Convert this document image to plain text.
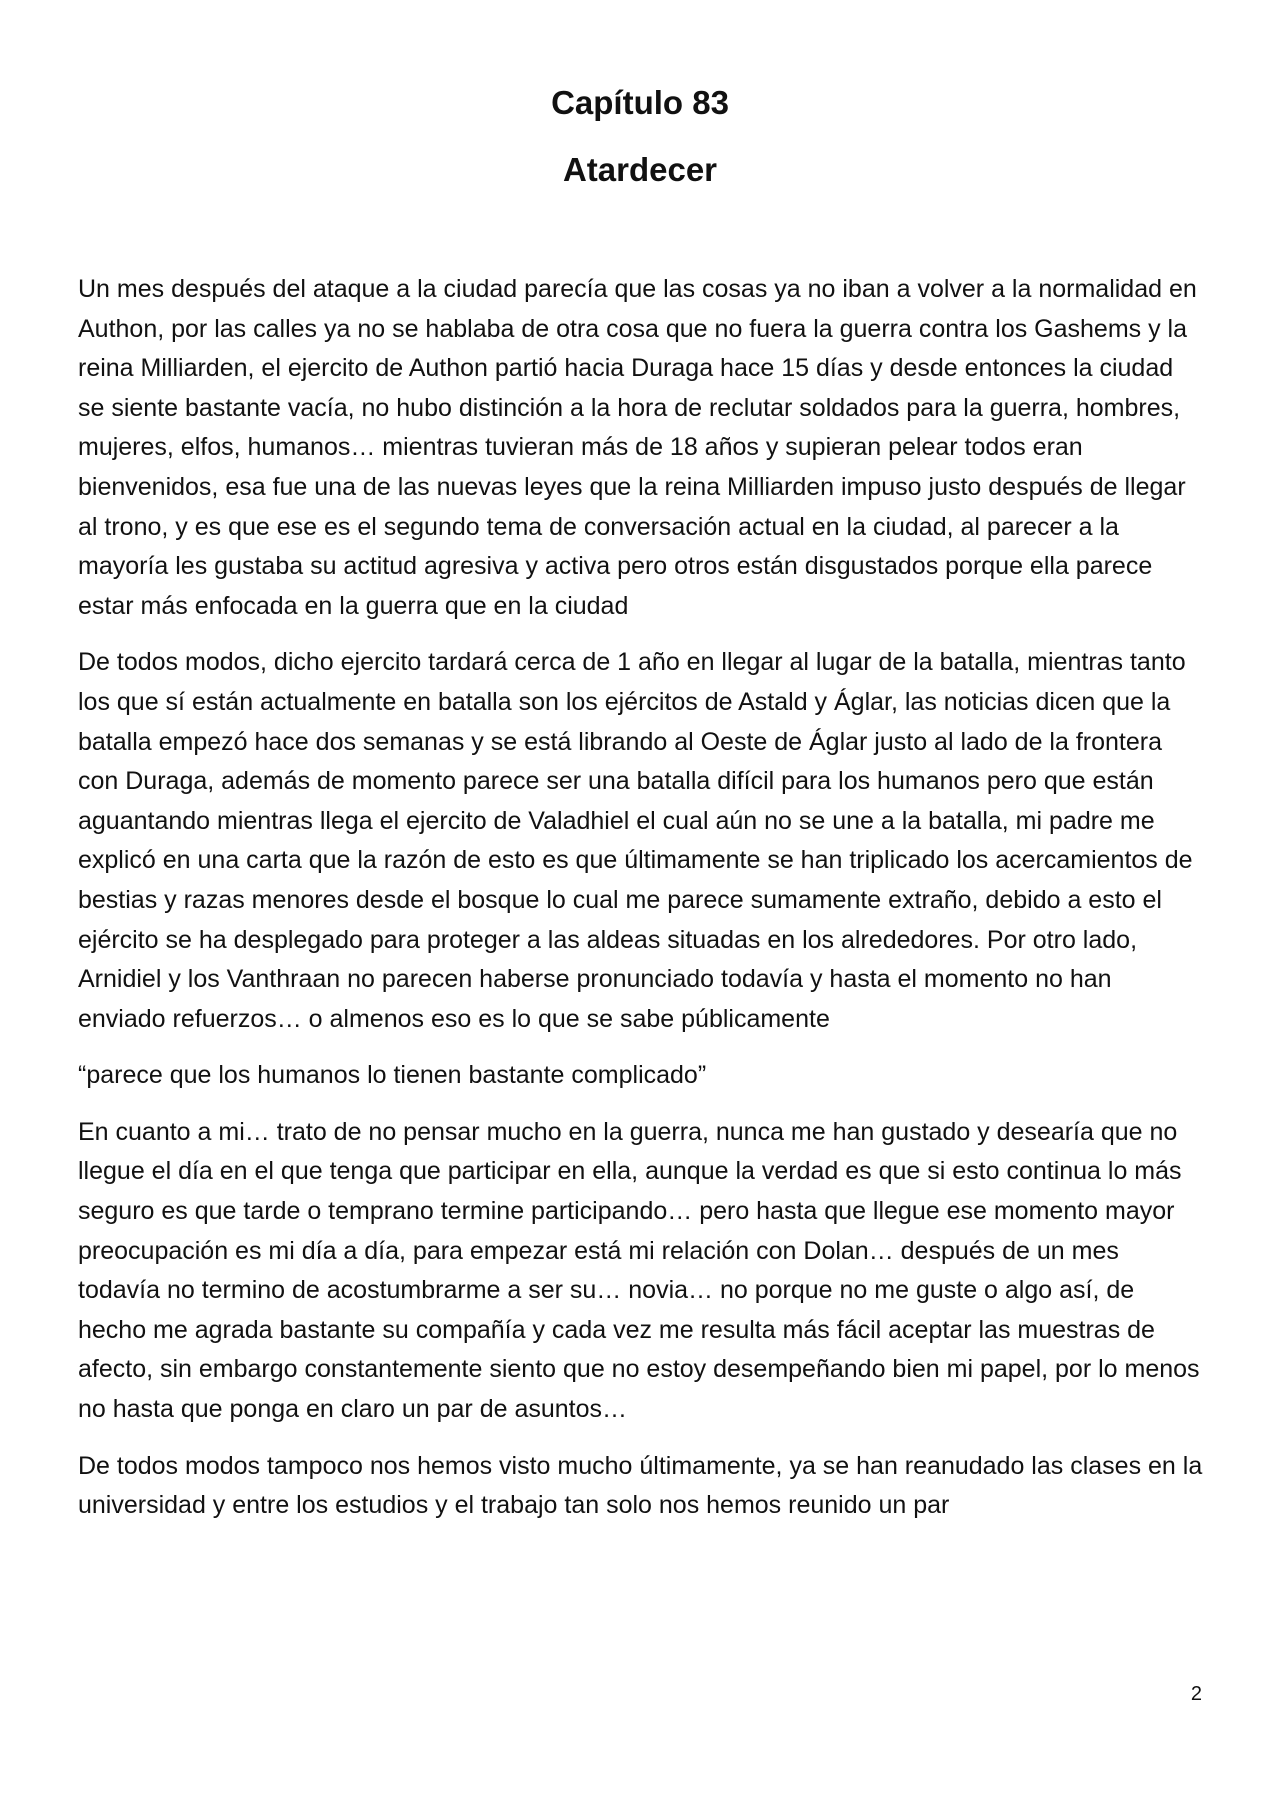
Capítulo 83
Atardecer

Un mes después del ataque a la ciudad parecía que las cosas ya no iban a volver a la normalidad en Authon, por las calles ya no se hablaba de otra cosa que no fuera la guerra contra los Gashems y la reina Milliarden, el ejercito de Authon partió hacia Duraga hace 15 días y desde entonces la ciudad se siente bastante vacía, no hubo distinción a la hora de reclutar soldados para la guerra, hombres, mujeres, elfos, humanos… mientras tuvieran más de 18 años y supieran pelear todos eran bienvenidos, esa fue una de las nuevas leyes que la reina Milliarden impuso justo después de llegar al trono, y es que ese es el segundo tema de conversación actual en la ciudad, al parecer a la mayoría les gustaba su actitud agresiva y activa pero otros están disgustados porque ella parece estar más enfocada en la guerra que en la ciudad

De todos modos, dicho ejercito tardará cerca de 1 año en llegar al lugar de la batalla, mientras tanto los que sí están actualmente en batalla son los ejércitos de Astald y Áglar, las noticias dicen que la batalla empezó hace dos semanas y se está librando al Oeste de Áglar justo al lado de la frontera con Duraga, además de momento parece ser una batalla difícil para los humanos pero que están aguantando mientras llega el ejercito de Valadhiel el cual aún no se une a la batalla, mi padre me explicó en una carta que la razón de esto es que últimamente se han triplicado los acercamientos de bestias y razas menores desde el bosque lo cual me parece sumamente extraño, debido a esto el ejército se ha desplegado para proteger a las aldeas situadas en los alrededores. Por otro lado, Arnidiel y los Vanthraan no parecen haberse pronunciado todavía y hasta el momento no han enviado refuerzos… o almenos eso es lo que se sabe públicamente

“parece que los humanos lo tienen bastante complicado”

En cuanto a mi… trato de no pensar mucho en la guerra, nunca me han gustado y desearía que no llegue el día en el que tenga que participar en ella, aunque la verdad es que si esto continua lo más seguro es que tarde o temprano termine participando… pero hasta que llegue ese momento mayor preocupación es mi día a día, para empezar está mi relación con Dolan… después de un mes todavía no termino de acostumbrarme a ser su… novia… no porque no me guste o algo así, de hecho me agrada bastante su compañía y cada vez me resulta más fácil aceptar las muestras de afecto, sin embargo constantemente siento que no estoy desempeñando bien mi papel, por lo menos no hasta que ponga en claro un par de asuntos…

De todos modos tampoco nos hemos visto mucho últimamente, ya se han reanudado las clases en la universidad y entre los estudios y el trabajo tan solo nos hemos reunido un par

2
